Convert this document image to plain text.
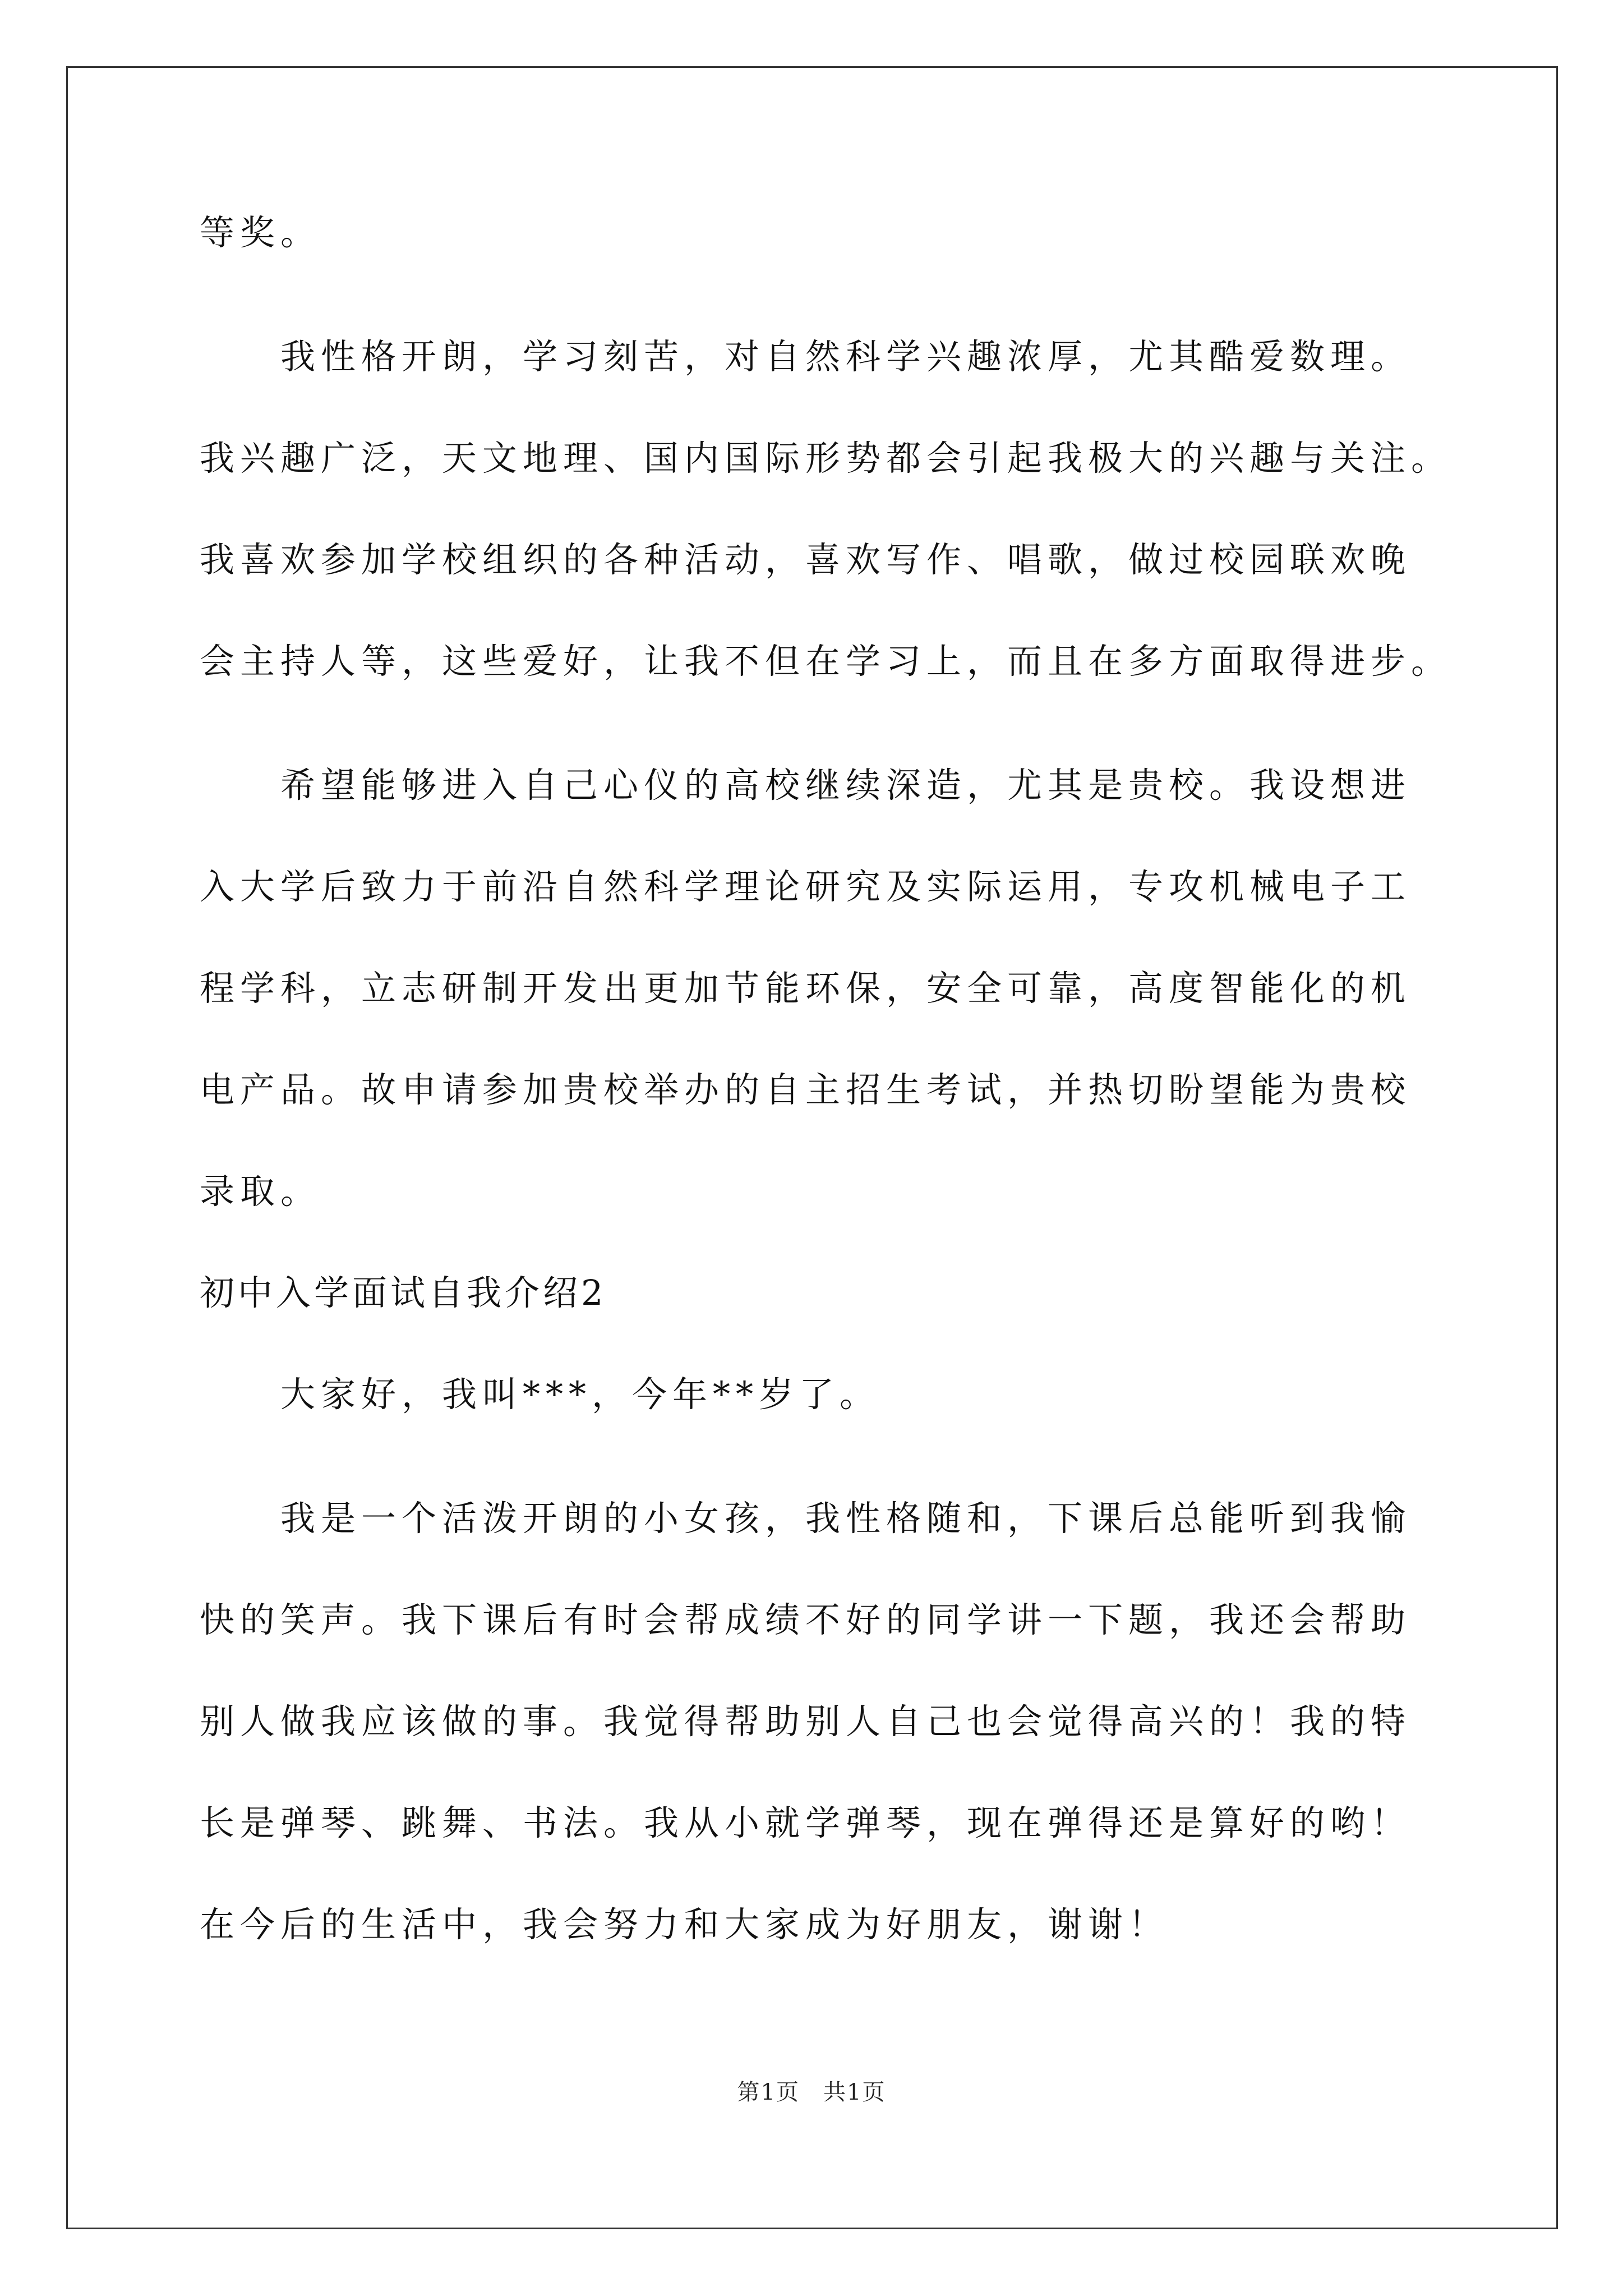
等奖。
我性格开朗，学习刻苦，对自然科学兴趣浓厚，尤其酷爱数理。
我兴趣广泛，天文地理、国内国际形势都会引起我极大的兴趣与关注。
我喜欢参加学校组织的各种活动，喜欢写作、唱歌，做过校园联欢晚
会主持人等，这些爱好，让我不但在学习上，而且在多方面取得进步。
希望能够进入自己心仪的高校继续深造，尤其是贵校。我设想进
入大学后致力于前沿自然科学理论研究及实际运用，专攻机械电子工
程学科，立志研制开发出更加节能环保，安全可靠，高度智能化的机
电产品。故申请参加贵校举办的自主招生考试，并热切盼望能为贵校
录取。
初中入学面试自我介绍2
大家好，我叫***，今年**岁了。
我是一个活泼开朗的小女孩，我性格随和，下课后总能听到我愉
快的笑声。我下课后有时会帮成绩不好的同学讲一下题，我还会帮助
别人做我应该做的事。我觉得帮助别人自己也会觉得高兴的！我的特
长是弹琴、跳舞、书法。我从小就学弹琴，现在弹得还是算好的哟！
在今后的生活中，我会努力和大家成为好朋友，谢谢！
第1页　共1页
